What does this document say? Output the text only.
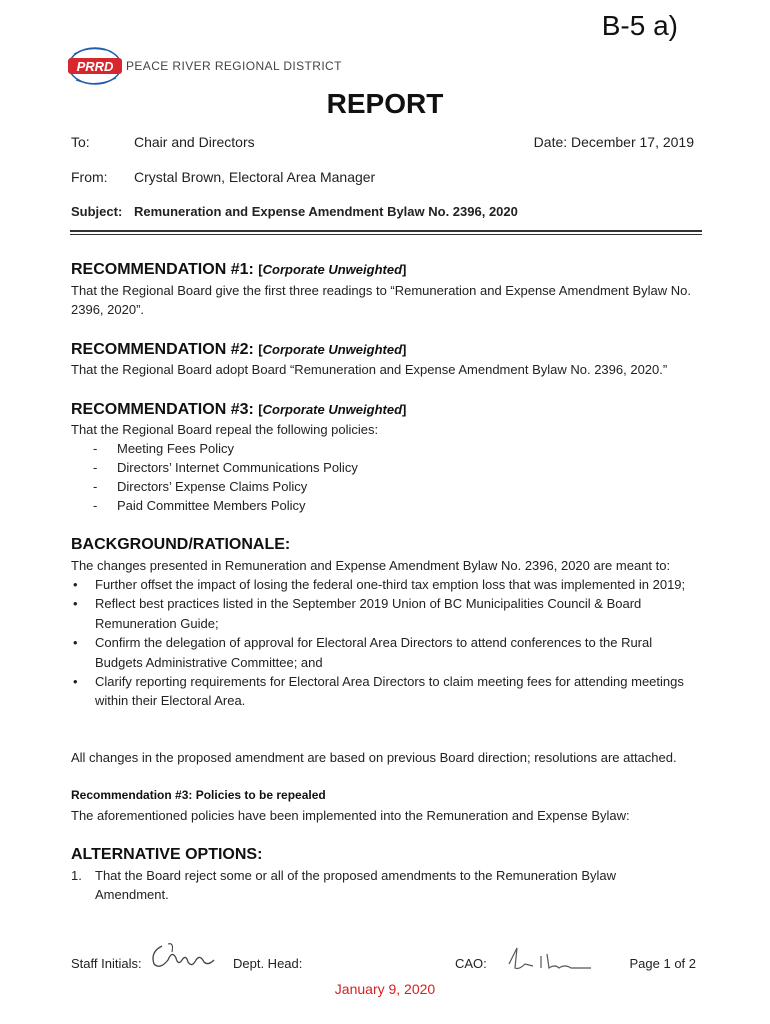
B-5 a)
PRRD PEACE RIVER REGIONAL DISTRICT
REPORT
To:	Chair and Directors	Date: December 17, 2019
From: Crystal Brown, Electoral Area Manager
Subject: Remuneration and Expense Amendment Bylaw No. 2396, 2020
RECOMMENDATION #1: [Corporate Unweighted]
That the Regional Board give the first three readings to “Remuneration and Expense Amendment Bylaw No. 2396, 2020”.
RECOMMENDATION #2: [Corporate Unweighted]
That the Regional Board adopt Board “Remuneration and Expense Amendment Bylaw No. 2396, 2020.”
RECOMMENDATION #3: [Corporate Unweighted]
That the Regional Board repeal the following policies:
- Meeting Fees Policy
- Directors’ Internet Communications Policy
- Directors’ Expense Claims Policy
- Paid Committee Members Policy
BACKGROUND/RATIONALE:
The changes presented in Remuneration and Expense Amendment Bylaw No. 2396, 2020 are meant to:
• Further offset the impact of losing the federal one-third tax emption loss that was implemented in 2019;
• Reflect best practices listed in the September 2019 Union of BC Municipalities Council & Board Remuneration Guide;
• Confirm the delegation of approval for Electoral Area Directors to attend conferences to the Rural Budgets Administrative Committee; and
• Clarify reporting requirements for Electoral Area Directors to claim meeting fees for attending meetings within their Electoral Area.
All changes in the proposed amendment are based on previous Board direction; resolutions are attached.
Recommendation #3: Policies to be repealed
The aforementioned policies have been implemented into the Remuneration and Expense Bylaw:
ALTERNATIVE OPTIONS:
1. That the Board reject some or all of the proposed amendments to the Remuneration Bylaw Amendment.
Staff Initials:	Dept. Head:	CAO:	Page 1 of 2
January 9, 2020
